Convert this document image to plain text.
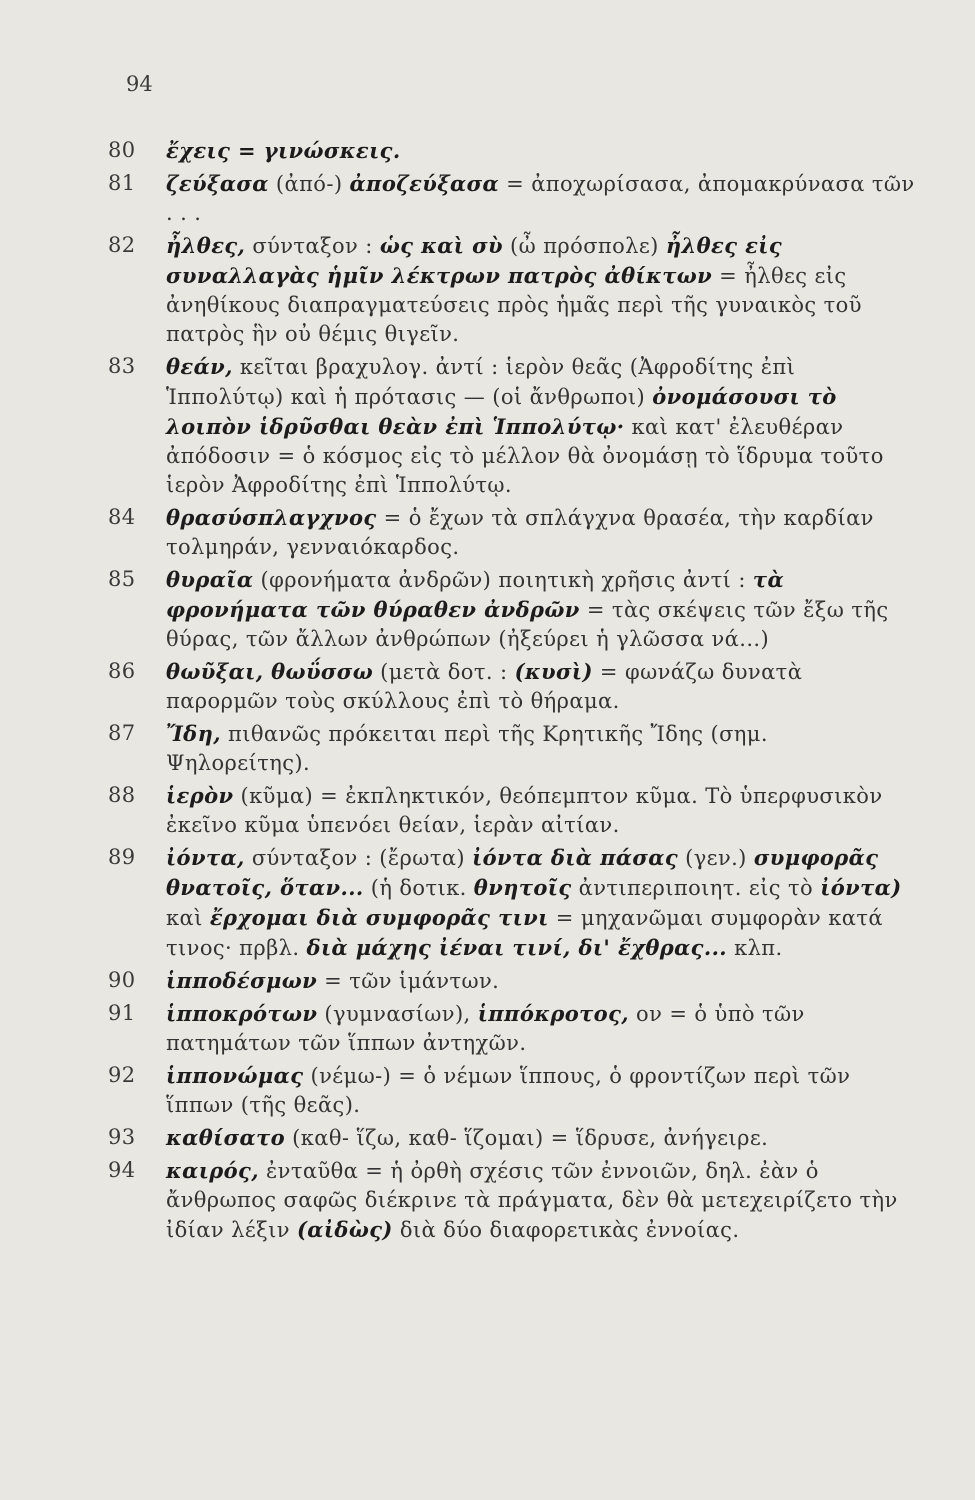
94
80 ἔχεις = γινώσκεις.
81 ζεύξασα (ἀπό-) ἀποζεύξασα = ἀποχωρίσασα, ἀπομακρύνασα τῶν . . .
82 ἦλθες, σύνταξον : ὡς καὶ σὺ (ὦ πρόσπολε) ἦλθες εἰς συναλλαγὰς ἡμῖν λέκτρων πατρὸς ἀθίκτων = ἦλθες εἰς ἀνηθίκους διαπραγματεύσεις πρὸς ἡμᾶς περὶ τῆς γυναικὸς τοῦ πατρὸς ἣν οὐ θέμις θιγεῖν.
83 θεάν, κεῖται βραχυλογ. ἀντί : ἱερὸν θεᾶς (Ἀφροδίτης ἐπὶ Ἱππολύτῳ) καὶ ἡ πρότασις — (οἱ ἄνθρωποι) ὀνομάσουσι τὸ λοιπὸν ἱδρῦσθαι θεὰν ἐπὶ Ἱππολύτῳ· καὶ κατ' ἐλευθέραν ἀπόδοσιν = ὁ κόσμος εἰς τὸ μέλλον θὰ ὀνομάσῃ τὸ ἵδρυμα τοῦτο ἱερὸν Ἀφροδίτης ἐπὶ Ἱππολύτῳ.
84 θρασύσπλαγχνος = ὁ ἔχων τὰ σπλάγχνα θρασέα, τὴν καρδίαν τολμηράν, γενναιόκαρδος.
85 θυραῖα (φρονήματα ἀνδρῶν) ποιητικὴ χρῆσις ἀντί : τὰ φρονήματα τῶν θύραθεν ἀνδρῶν = τὰς σκέψεις τῶν ἔξω τῆς θύρας, τῶν ἄλλων ἀνθρώπων (ἠξεύρει ἡ γλῶσσα νά...)
86 θωῦξαι, θωΰσσω (μετὰ δοτ. : (κυσὶ) = φωνάζω δυνατὰ παρορμῶν τοὺς σκύλλους ἐπὶ τὸ θήραμα.
87 Ἴδη, πιθανῶς πρόκειται περὶ τῆς Κρητικῆς Ἴδης (σημ. Ψηλορείτης).
88 ἱερὸν (κῦμα) = ἐκπληκτικόν, θεόπεμπτον κῦμα. Τὸ ὑπερφυσικὸν ἐκεῖνο κῦμα ὑπενόει θείαν, ἱερὰν αἰτίαν.
89 ἰόντα, σύνταξον : (ἔρωτα) ἰόντα διὰ πάσας (γεν.) συμφορᾶς θνατοῖς, ὅταν... (ἡ δοτικ. θνητοῖς ἀντιπεριποιητ. εἰς τὸ ἰόντα) καὶ ἔρχομαι διὰ συμφορᾶς τινι = μηχανῶμαι συμφορὰν κατά τινος· πρβλ. διὰ μάχης ἰέναι τινί, δι' ἔχθρας... κλπ.
90 ἱπποδέσμων = τῶν ἱμάντων.
91 ἱπποκρότων (γυμνασίων), ἱππόκροτος, ον = ὁ ὑπὸ τῶν πατημάτων τῶν ἵππων ἀντηχῶν.
92 ἱππονώμας (νέμω-) = ὁ νέμων ἵππους, ὁ φροντίζων περὶ τῶν ἵππων (τῆς θεᾶς).
93 καθίσατο (καθ- ἵζω, καθ- ἵζομαι) = ἵδρυσε, ἀνήγειρε.
94 καιρός, ἐνταῦθα = ἡ ὀρθὴ σχέσις τῶν ἐννοιῶν, δηλ. ἐὰν ὁ ἄνθρωπος σαφῶς διέκρινε τὰ πράγματα, δὲν θὰ μετεχειρίζετο τὴν ἰδίαν λέξιν (αἰδὼς) διὰ δύο διαφορετικὰς ἐννοίας.
